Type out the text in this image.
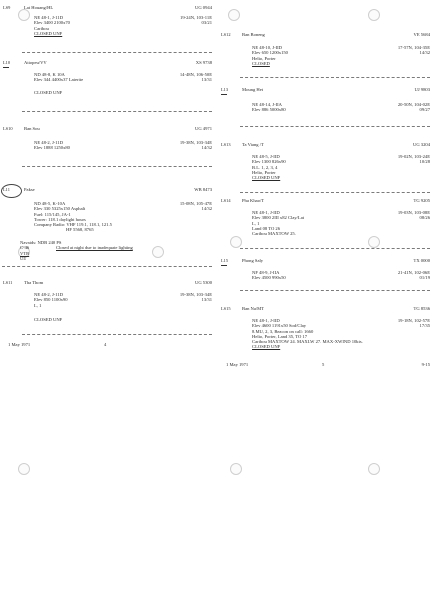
LS9	Lat Houang/HL	UG 0944
NE 48-1, J-11D	19-24N, 103-11E
Elev 3400 2100x70	03/21
Caribou
CLOSED UNF
L10	Attopeu/VV	XS 9738
ND 48-8, K 10A	14-48N, 106-50E
Elev 344 4400x37 Laterite	13/31
CLOSED UNF
LS10 Ban Sou	UG 4971
NE 48-2, J-11D	19-38N, 103-34E
Elev 1888 1250x80	14/32
L11	Pakse	WB 8473
ND 48-5, K-10A	15-08N, 105-47E
Elev 330 5325x150 Asphalt	14/32
Fuel: 115/145, JA-1
Tower: 118.1 daylight hours
Company Radio: VHF 119.1, 118.1, 121.5
HF 5568, 8765
Navaids: NDB 240 PS
C-46	Closed at night due to inadequate lighting
VTB
U4
LS11	Tha Thom	UG 5300
NE 48-2, J-11D	19-38N, 103-34E
Elev 850 1100x90	13/31
L, 1
CLOSED UNF
1 May 1971	4
LS12 Ban Boneng	VE 5684
NE 48-10, J-IID	17-57N, 104-35E
Elev 650 1200x150	14/32
Helio, Porter
CLOSED
L13	Moung Het	UJ 9803
NE 48-14, J-IIA	20-50N, 104-02E
Elev 886 5000x80	09/27
LS13 Ta Viang /T	UG 3204
NE 48-5, J-IID	19-02N, 103-24E
Elev 1300 826x90	10/28
B.L. 1, 2, 3, 4
Helio, Porter
CLOSED UNF
LS14 Pha Khao/T	TG 9205
NE 48-1, J-IID	19-03N, 103-08E
Elev 3800 2III x82 Clay/Lat	08/26
L, 1
Land 08 TO 26
Caribou MAXTOW 25.
L15	Phong Saly	TX 0000
NF 48-9, J-IIA	21-41N, 102-06E
Elev 4500 990x50	01/19
LS15 Ban Na/MT	TG 8536
NE 48-1, J-IID	19-18N, 102-57E
Elev 4600 1191x50 Sod/Clay	17/35
8.MU, 2, 3, Beacon on call: 1660
Helio, Porter, Land 35, TO 17
Caribou MAXTOW 24. MAXLW 27. MAX-XWIND 10kts.
CLOSED UNF
1 May 1971	5	9-15
